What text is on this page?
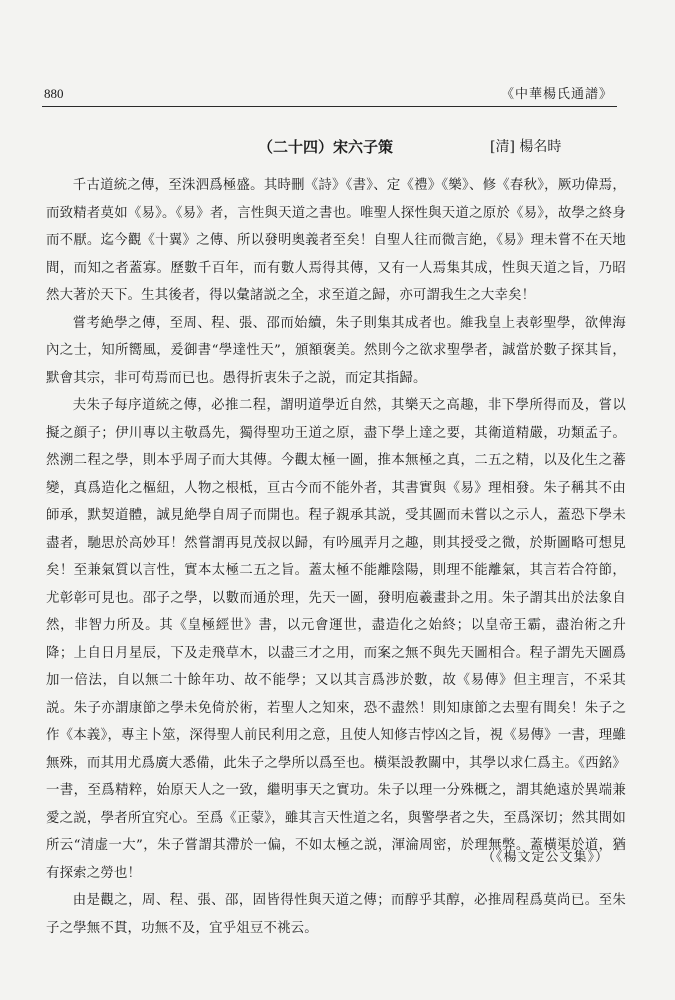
880	《中華楊氏通譜》
（二十四）宋六子策	[清] 楊名時

千古道統之傳，至洙泗爲極盛。其時刪《詩》《書》、定《禮》《樂》、修《春秋》，厥功偉焉，而致精者莫如《易》。《易》者，言性與天道之書也。唯聖人探性與天道之原於《易》，故學之終身而不厭。迄今觀《十翼》之傳、所以發明奥義者至矣！自聖人往而微言絶，《易》理未嘗不在天地間，而知之者蓋寡。歷數千百年，而有數人焉得其傳，又有一人焉集其成，性與天道之旨，乃昭然大著於天下。生其後者，得以彙諸説之全，求至道之歸，亦可謂我生之大幸矣！

嘗考絶學之傳，至周、程、張、邵而始續，朱子則集其成者也。維我皇上表彰聖學，欲俾海內之士，知所嚮風，爰御書“學達性天”，頒額褒美。然則今之欲求聖學者，誠當於數子探其旨，默會其宗，非可苟焉而已也。愚得折衷朱子之説，而定其指歸。

夫朱子每序道統之傳，必推二程，謂明道學近自然，其樂天之高趣，非下學所得而及，嘗以擬之顔子；伊川專以主敬爲先，獨得聖功王道之原，盡下學上達之要，其衛道精嚴，功類孟子。然溯二程之學，則本乎周子而大其傳。今觀太極一圖，推本無極之真，二五之精，以及化生之蕃變，真爲造化之樞紐，人物之根柢，亘古今而不能外者，其書實與《易》理相發。朱子稱其不由師承，默契道體，誠見絶學自周子而開也。程子親承其説，受其圖而未嘗以之示人，蓋恐下學未盡者，馳思於高妙耳！然嘗謂再見茂叔以歸，有吟風弄月之趣，則其授受之微，於斯圖略可想見矣！至兼氣質以言性，實本太極二五之旨。蓋太極不能離陰陽，則理不能離氣，其言若合符節，尤彰彰可見也。邵子之學，以數而通於理，先天一圖，發明庖羲畫卦之用。朱子謂其出於法象自然，非智力所及。其《皇極經世》書，以元會運世，盡造化之始終；以皇帝王霸，盡治術之升降；上自日月星辰，下及走飛草木，以盡三才之用，而案之無不與先天圖相合。程子謂先天圖爲加一倍法，自以無二十餘年功、故不能學；又以其言爲涉於數，故《易傳》但主理言，不采其説。朱子亦謂康節之學未免倚於術，若聖人之知來，恐不盡然！則知康節之去聖有間矣！朱子之作《本義》，專主卜筮，深得聖人前民利用之意，且使人知修吉悖凶之旨，視《易傳》一書，理雖無殊，而其用尤爲廣大悉備，此朱子之學所以爲至也。橫渠設教關中，其學以求仁爲主。《西銘》一書，至爲精粹，始原天人之一致，繼明事天之實功。朱子以理一分殊概之，謂其絶遠於異端兼愛之説，學者所宜究心。至爲《正蒙》，雖其言天性道之名，與警學者之失，至爲深切；然其間如所云“清虚一大”，朱子嘗謂其滯於一偏，不如太極之説，渾淪周密，於理無弊。蓋橫渠於道，猶有探索之勞也！

由是觀之，周、程、張、邵，固皆得性與天道之傳；而醇乎其醇，必推周程爲莫尚已。至朱子之學無不貫，功無不及，宜乎俎豆不祧云。

（《楊文定公文集》）
